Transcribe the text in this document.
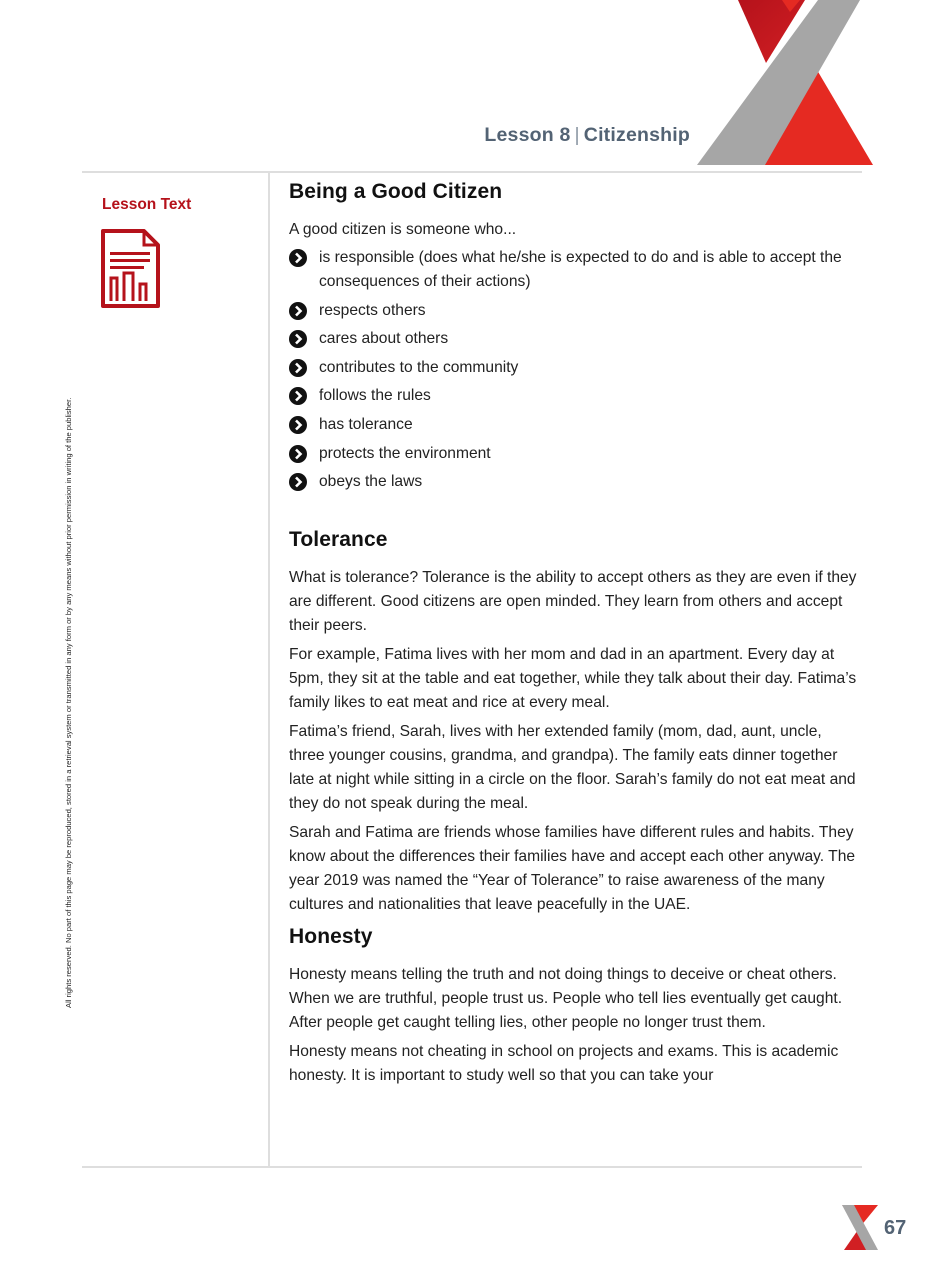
Lesson 8 | Citizenship
Lesson Text
All rights reserved. No part of this page may be reproduced, stored in a retrieval system or transmitted in any form or by any means without prior permission in writing of the publisher.
Being a Good Citizen

A good citizen is someone who...

is responsible (does what he/she is expected to do and is able to accept the consequences of their actions)
respects others
cares about others
contributes to the community
follows the rules
has tolerance
protects the environment
obeys the laws
Tolerance

What is tolerance? Tolerance is the ability to accept others as they are even if they are different. Good citizens are open minded. They learn from others and accept their peers.

For example, Fatima lives with her mom and dad in an apartment. Every day at 5pm, they sit at the table and eat together, while they talk about their day. Fatima’s family likes to eat meat and rice at every meal.

Fatima’s friend, Sarah, lives with her extended family (mom, dad, aunt, uncle, three younger cousins, grandma, and grandpa). The family eats dinner together late at night while sitting in a circle on the floor. Sarah’s family do not eat meat and they do not speak during the meal.

Sarah and Fatima are friends whose families have different rules and habits. They know about the differences their families have and accept each other anyway. The year 2019 was named the “Year of Tolerance” to raise awareness of the many cultures and nationalities that leave peacefully in the UAE.

Honesty

Honesty means telling the truth and not doing things to deceive or cheat others. When we are truthful, people trust us. People who tell lies eventually get caught. After people get caught telling lies, other people no longer trust them.

Honesty means not cheating in school on projects and exams. This is academic honesty. It is important to study well so that you can take your

67
